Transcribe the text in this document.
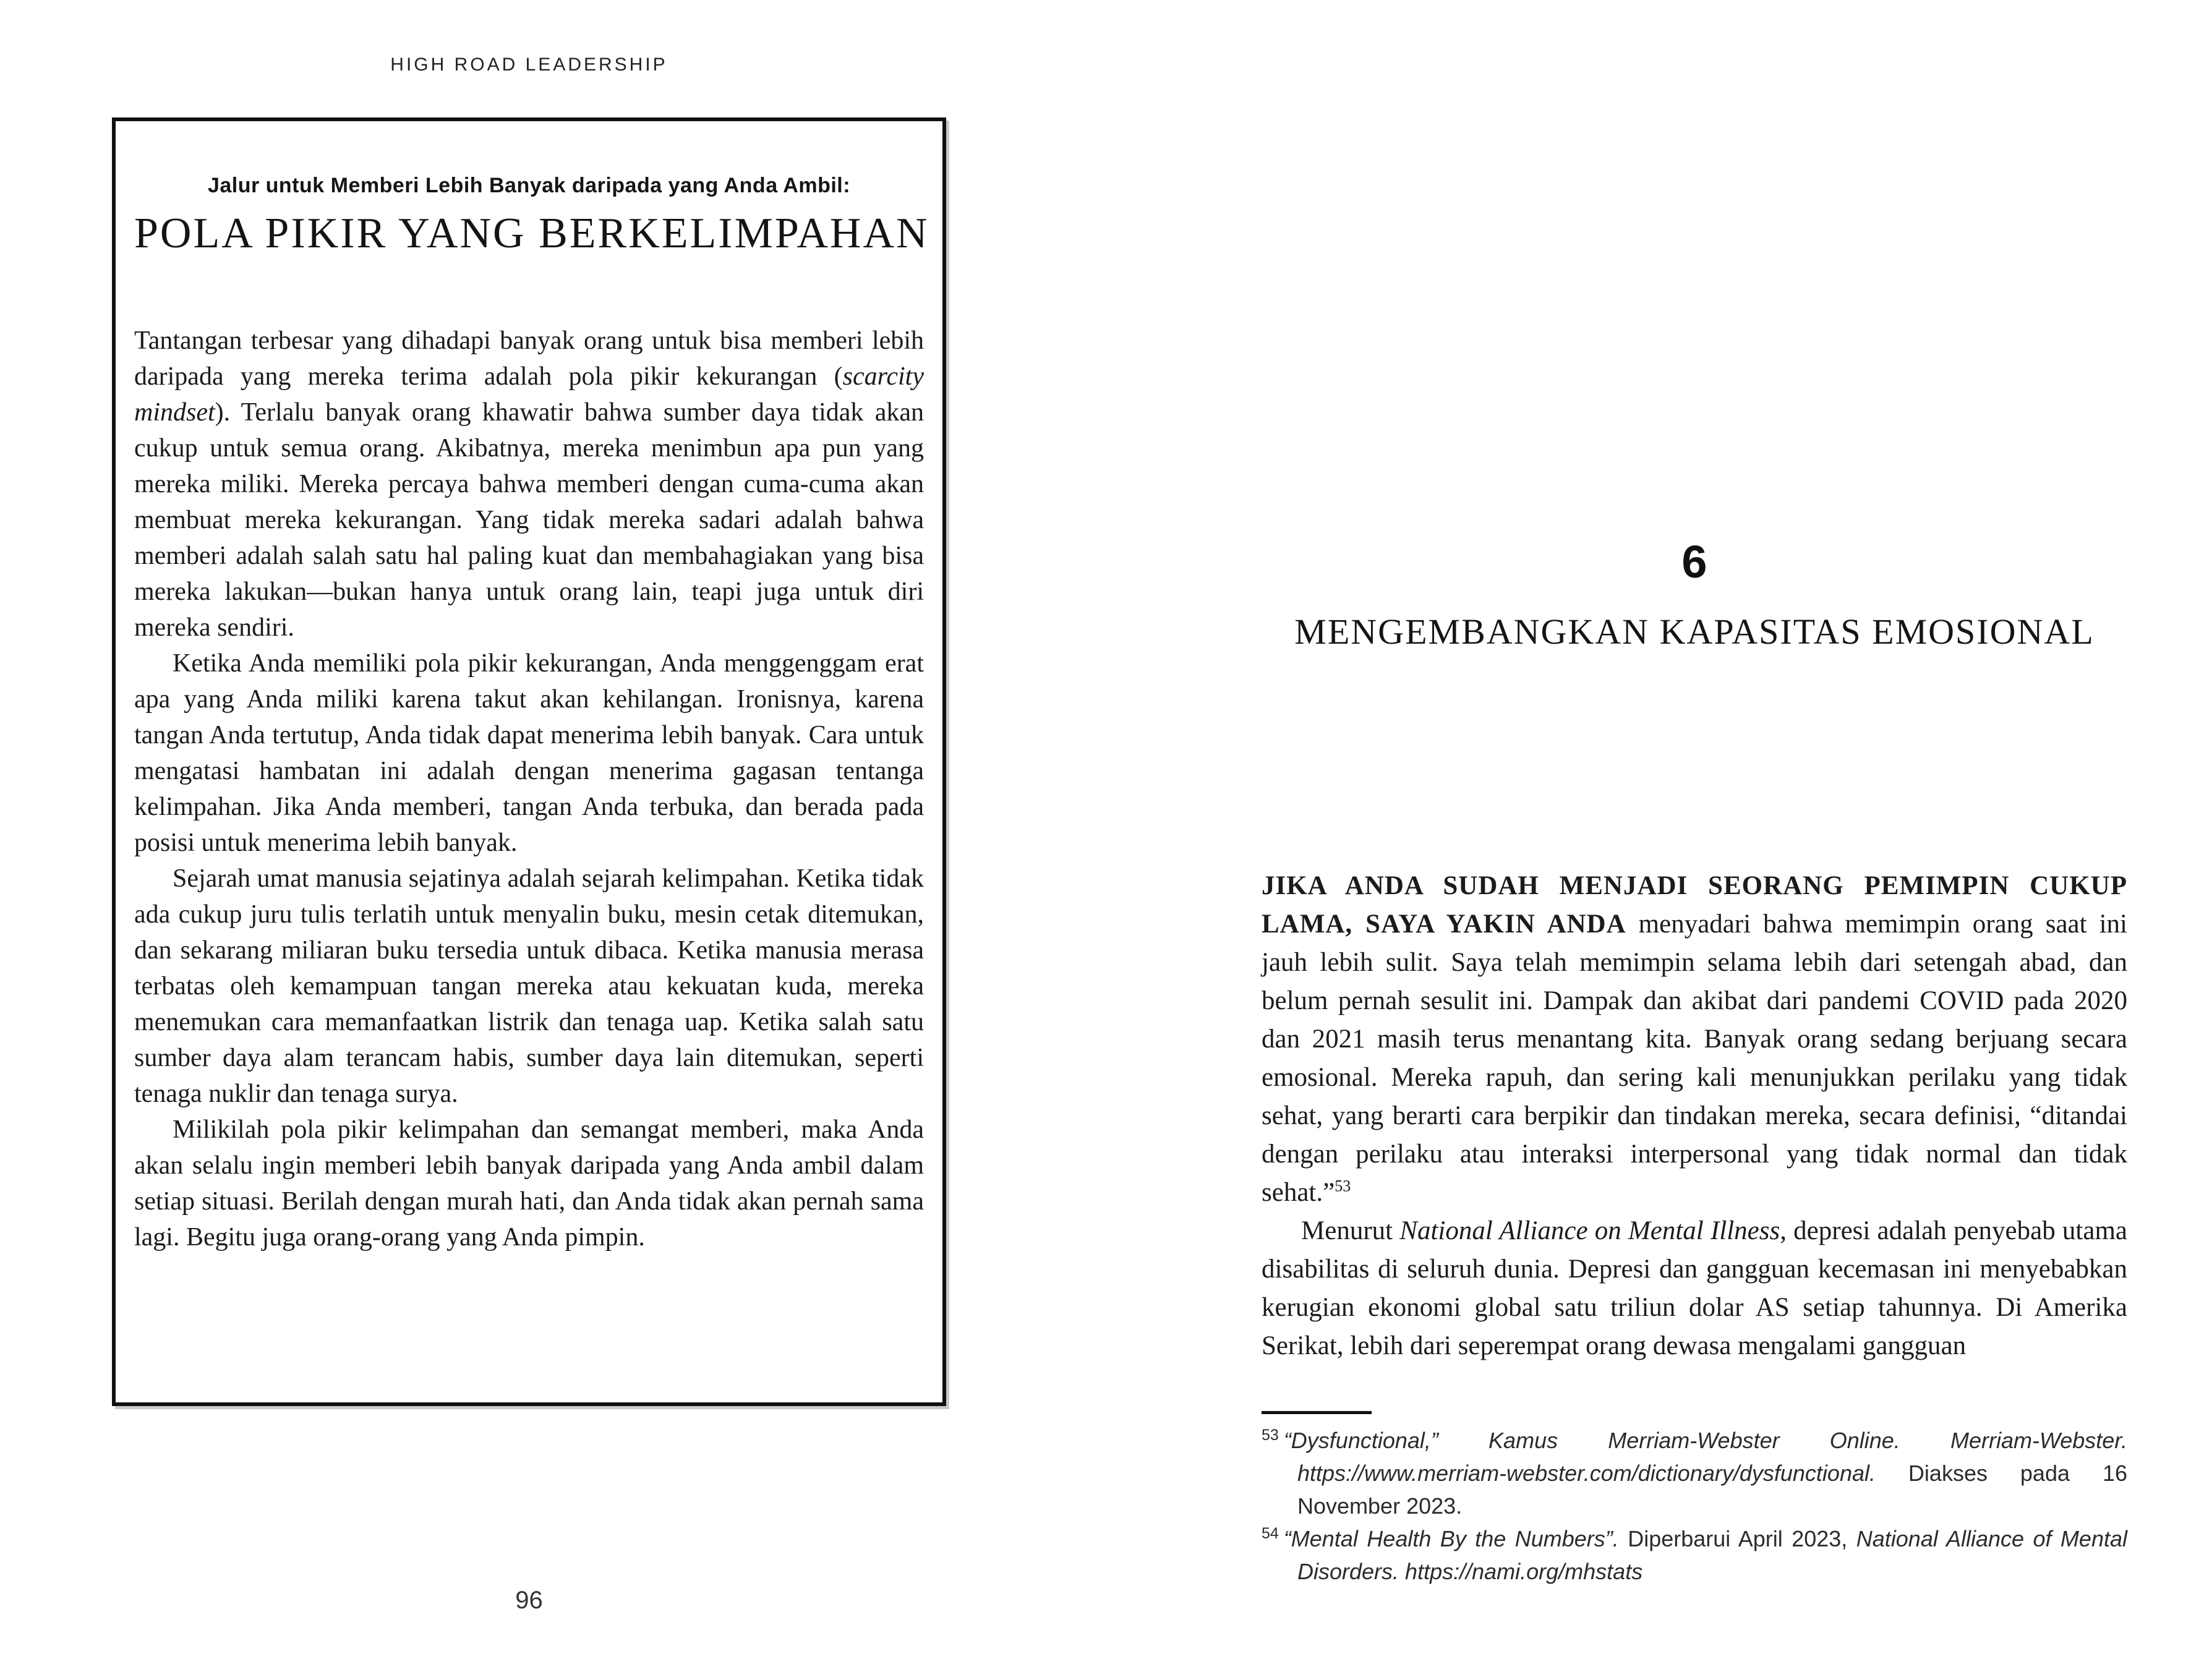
HIGH ROAD LEADERSHIP
Jalur untuk Memberi Lebih Banyak daripada yang Anda Ambil:
POLA PIKIR YANG BERKELIMPAHAN

Tantangan terbesar yang dihadapi banyak orang untuk bisa memberi lebih daripada yang mereka terima adalah pola pikir kekurangan (scarcity mindset). Terlalu banyak orang khawatir bahwa sumber daya tidak akan cukup untuk semua orang. Akibatnya, mereka menimbun apa pun yang mereka miliki. Mereka percaya bahwa memberi dengan cuma-cuma akan membuat mereka kekurangan. Yang tidak mereka sadari adalah bahwa memberi adalah salah satu hal paling kuat dan membahagiakan yang bisa mereka lakukan—bukan hanya untuk orang lain, teapi juga untuk diri mereka sendiri.

Ketika Anda memiliki pola pikir kekurangan, Anda menggenggam erat apa yang Anda miliki karena takut akan kehilangan. Ironisnya, karena tangan Anda tertutup, Anda tidak dapat menerima lebih banyak. Cara untuk mengatasi hambatan ini adalah dengan menerima gagasan tentanga kelimpahan. Jika Anda memberi, tangan Anda terbuka, dan berada pada posisi untuk menerima lebih banyak.

Sejarah umat manusia sejatinya adalah sejarah kelimpahan. Ketika tidak ada cukup juru tulis terlatih untuk menyalin buku, mesin cetak ditemukan, dan sekarang miliaran buku tersedia untuk dibaca. Ketika manusia merasa terbatas oleh kemampuan tangan mereka atau kekuatan kuda, mereka menemukan cara memanfaatkan listrik dan tenaga uap. Ketika salah satu sumber daya alam terancam habis, sumber daya lain ditemukan, seperti tenaga nuklir dan tenaga surya.

Milikilah pola pikir kelimpahan dan semangat memberi, maka Anda akan selalu ingin memberi lebih banyak daripada yang Anda ambil dalam setiap situasi. Berilah dengan murah hati, dan Anda tidak akan pernah sama lagi. Begitu juga orang-orang yang Anda pimpin.

96
6
MENGEMBANGKAN KAPASITAS EMOSIONAL

JIKA ANDA SUDAH MENJADI SEORANG PEMIMPIN CUKUP LAMA, SAYA YAKIN ANDA menyadari bahwa memimpin orang saat ini jauh lebih sulit. Saya telah memimpin selama lebih dari setengah abad, dan belum pernah sesulit ini. Dampak dan akibat dari pandemi COVID pada 2020 dan 2021 masih terus menantang kita. Banyak orang sedang berjuang secara emosional. Mereka rapuh, dan sering kali menunjukkan perilaku yang tidak sehat, yang berarti cara berpikir dan tindakan mereka, secara definisi, “ditandai dengan perilaku atau interaksi interpersonal yang tidak normal dan tidak sehat.”$^{53}$

Menurut National Alliance on Mental Illness, depresi adalah penyebab utama disabilitas di seluruh dunia. Depresi dan gangguan kecemasan ini menyebabkan kerugian ekonomi global satu triliun dolar AS setiap tahunnya. Di Amerika Serikat, lebih dari seperempat orang dewasa mengalami gangguan

$^{53}$ “Dysfunctional,” Kamus Merriam-Webster Online. Merriam-Webster. https://www.merriam-webster.com/dictionary/dysfunctional. Diakses pada 16 November 2023.

$^{54}$ “Mental Health By the Numbers”. Diperbarui April 2023, National Alliance of Mental Disorders. https://nami.org/mhstats
